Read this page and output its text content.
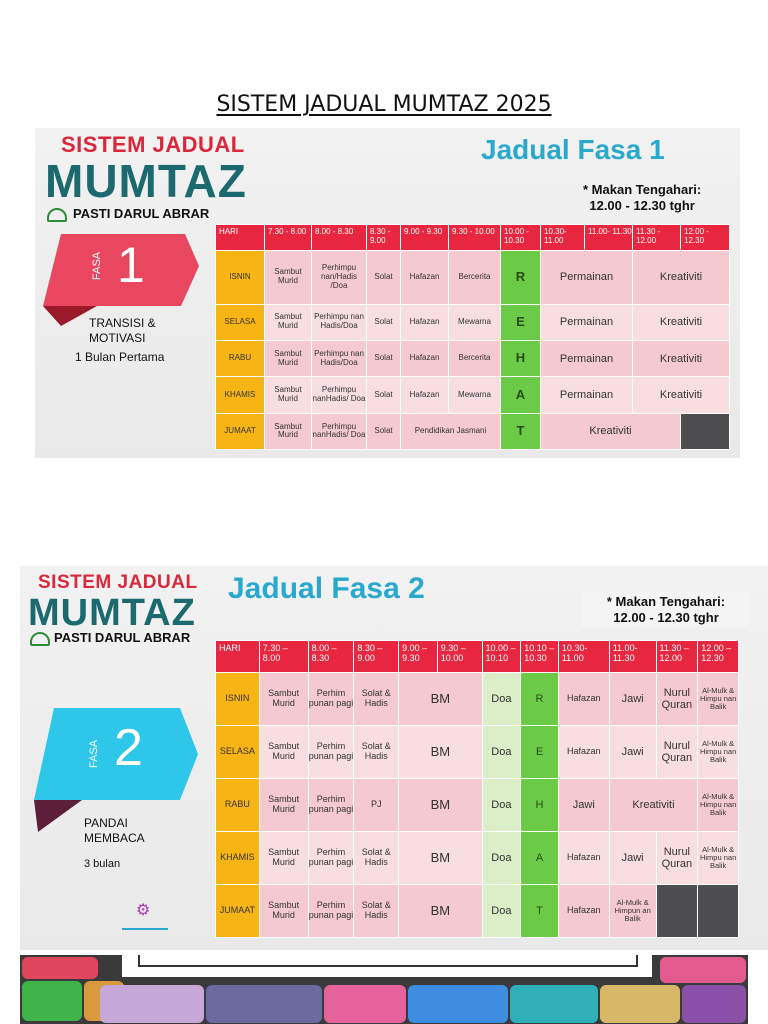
SISTEM JADUAL MUMTAZ 2025
SISTEM JADUAL
MUMTAZ
PASTI DARUL ABRAR
Jadual Fasa 1
* Makan Tengahari:
12.00 - 12.30 tghr
FASA 1
TRANSISI &
MOTIVASI
1 Bulan Pertama
HARI	7.30 - 8.00	8.00 - 8.30	8.30 - 9.00	9.00 - 9.30	9.30 - 10.00	10.00 - 10.30	10.30- 11.00	11.00- 11.30	11.30 - 12.00	12.00 - 12.30
ISNIN	Sambut Murid	Perhimpu nan/Hadis /Doa	Solat	Hafazan	Bercerita	R	Permainan		Kreativiti	
SELASA	Sambut Murid	Perhimpu nan Hadis/Doa	Solat	Hafazan	Mewarna	E	Permainan		Kreativiti	
RABU	Sambut Murid	Perhimpu nan Hadis/Doa	Solat	Hafazan	Bercerita	H	Permainan		Kreativiti	
KHAMIS	Sambut Murid	Perhimpu nanHadis/ Doa	Solat	Hafazan	Mewarna	A	Permainan		Kreativiti	
JUMAAT	Sambut Murid	Perhimpu nanHadis/ Doa	Solat	Pendidikan Jasmani		T	Kreativiti			
SISTEM JADUAL
MUMTAZ
PASTI DARUL ABRAR
Jadual Fasa 2	* Makan Tengahari:
12.00 - 12.30 tghr
FASA 2
PANDAI
MEMBACA
3 bulan
⚙
HARI	7.30 – 8.00	8.00 – 8.30	8.30 – 9.00	9.00 – 9.30	9.30 – 10.00	10.00 – 10.10	10.10 – 10.30	10.30- 11.00	11.00- 11.30	11.30 – 12.00	12.00 – 12.30
ISNIN	Sambut Murid	Perhim punan pagi	Solat & Hadis	BM		Doa	R	Hafazan	Jawi	Nurul Quran	Al-Mulk & Himpu nan Balik
SELASA	Sambut Murid	Perhim punan pagi	Solat & Hadis	BM		Doa	E	Hafazan	Jawi	Nurul Quran	Al-Mulk & Himpu nan Balik
RABU	Sambut Murid	Perhim punan pagi	PJ	BM		Doa	H	Jawi	Kreativiti		Al-Mulk & Himpu nan Balik
KHAMIS	Sambut Murid	Perhim punan pagi	Solat & Hadis	BM		Doa	A	Hafazan	Jawi	Nurul Quran	Al-Mulk & Himpu nan Balik
JUMAAT	Sambut Murid	Perhim punan pagi	Solat & Hadis	BM		Doa	T	Hafazan	Al-Mulk & Himpun an Balik		
